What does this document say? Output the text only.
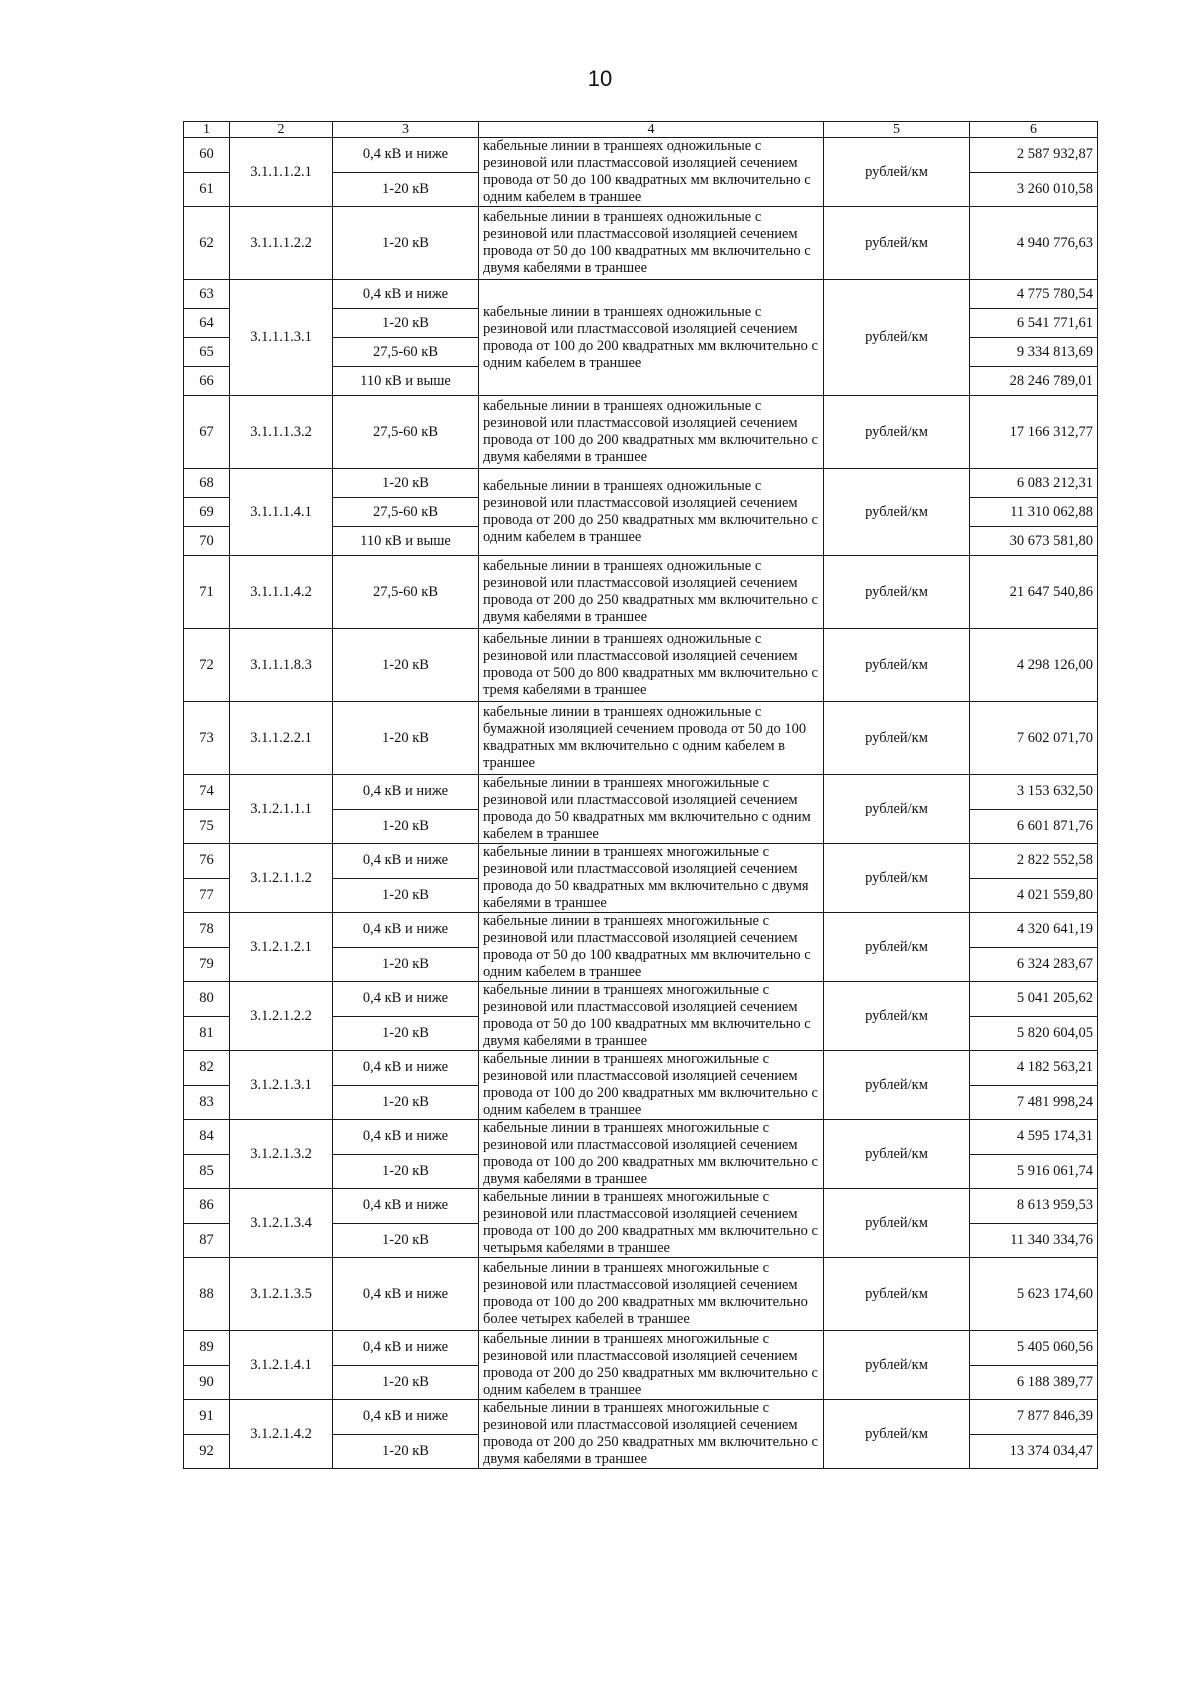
10
1	2	3	4	5	6
60	3.1.1.1.2.1	0,4 кВ и ниже	кабельные линии в траншеях одножильные с резиновой или пластмассовой изоляцией сечением провода от 50 до 100 квадратных мм включительно с одним кабелем в траншее	рублей/км	2 587 932,87
61		1-20 кВ			3 260 010,58
62	3.1.1.1.2.2	1-20 кВ	кабельные линии в траншеях одножильные с резиновой или пластмассовой изоляцией сечением провода от 50 до 100 квадратных мм включительно с двумя кабелями в траншее	рублей/км	4 940 776,63
63	3.1.1.1.3.1	0,4 кВ и ниже	кабельные линии в траншеях одножильные с резиновой или пластмассовой изоляцией сечением провода от 100 до 200 квадратных мм включительно с одним кабелем в траншее	рублей/км	4 775 780,54
64		1-20 кВ			6 541 771,61
65		27,5-60 кВ			9 334 813,69
66		110 кВ и выше			28 246 789,01
67	3.1.1.1.3.2	27,5-60 кВ	кабельные линии в траншеях одножильные с резиновой или пластмассовой изоляцией сечением провода от 100 до 200 квадратных мм включительно с двумя кабелями в траншее	рублей/км	17 166 312,77
68	3.1.1.1.4.1	1-20 кВ	кабельные линии в траншеях одножильные с резиновой или пластмассовой изоляцией сечением провода от 200 до 250 квадратных мм включительно с одним кабелем в траншее	рублей/км	6 083 212,31
69		27,5-60 кВ			11 310 062,88
70		110 кВ и выше			30 673 581,80
71	3.1.1.1.4.2	27,5-60 кВ	кабельные линии в траншеях одножильные с резиновой или пластмассовой изоляцией сечением провода от 200 до 250 квадратных мм включительно с двумя кабелями в траншее	рублей/км	21 647 540,86
72	3.1.1.1.8.3	1-20 кВ	кабельные линии в траншеях одножильные с резиновой или пластмассовой изоляцией сечением провода от 500 до 800 квадратных мм включительно с тремя кабелями в траншее	рублей/км	4 298 126,00
73	3.1.1.2.2.1	1-20 кВ	кабельные линии в траншеях одножильные с бумажной изоляцией сечением провода от 50 до 100 квадратных мм включительно с одним кабелем в траншее	рублей/км	7 602 071,70
74	3.1.2.1.1.1	0,4 кВ и ниже	кабельные линии в траншеях многожильные с резиновой или пластмассовой изоляцией сечением провода до 50 квадратных мм включительно с одним кабелем в траншее	рублей/км	3 153 632,50
75		1-20 кВ			6 601 871,76
76	3.1.2.1.1.2	0,4 кВ и ниже	кабельные линии в траншеях многожильные с резиновой или пластмассовой изоляцией сечением провода до 50 квадратных мм включительно с двумя кабелями в траншее	рублей/км	2 822 552,58
77		1-20 кВ			4 021 559,80
78	3.1.2.1.2.1	0,4 кВ и ниже	кабельные линии в траншеях многожильные с резиновой или пластмассовой изоляцией сечением провода от 50 до 100 квадратных мм включительно с одним кабелем в траншее	рублей/км	4 320 641,19
79		1-20 кВ			6 324 283,67
80	3.1.2.1.2.2	0,4 кВ и ниже	кабельные линии в траншеях многожильные с резиновой или пластмассовой изоляцией сечением провода от 50 до 100 квадратных мм включительно с двумя кабелями в траншее	рублей/км	5 041 205,62
81		1-20 кВ			5 820 604,05
82	3.1.2.1.3.1	0,4 кВ и ниже	кабельные линии в траншеях многожильные с резиновой или пластмассовой изоляцией сечением провода от 100 до 200 квадратных мм включительно с одним кабелем в траншее	рублей/км	4 182 563,21
83		1-20 кВ			7 481 998,24
84	3.1.2.1.3.2	0,4 кВ и ниже	кабельные линии в траншеях многожильные с резиновой или пластмассовой изоляцией сечением провода от 100 до 200 квадратных мм включительно с двумя кабелями в траншее	рублей/км	4 595 174,31
85		1-20 кВ			5 916 061,74
86	3.1.2.1.3.4	0,4 кВ и ниже	кабельные линии в траншеях многожильные с резиновой или пластмассовой изоляцией сечением провода от 100 до 200 квадратных мм включительно с четырьмя кабелями в траншее	рублей/км	8 613 959,53
87		1-20 кВ			11 340 334,76
88	3.1.2.1.3.5	0,4 кВ и ниже	кабельные линии в траншеях многожильные с резиновой или пластмассовой изоляцией сечением провода от 100 до 200 квадратных мм включительно более четырех кабелей в траншее	рублей/км	5 623 174,60
89	3.1.2.1.4.1	0,4 кВ и ниже	кабельные линии в траншеях многожильные с резиновой или пластмассовой изоляцией сечением провода от 200 до 250 квадратных мм включительно с одним кабелем в траншее	рублей/км	5 405 060,56
90		1-20 кВ			6 188 389,77
91	3.1.2.1.4.2	0,4 кВ и ниже	кабельные линии в траншеях многожильные с резиновой или пластмассовой изоляцией сечением провода от 200 до 250 квадратных мм включительно с двумя кабелями в траншее	рублей/км	7 877 846,39
92		1-20 кВ			13 374 034,47
